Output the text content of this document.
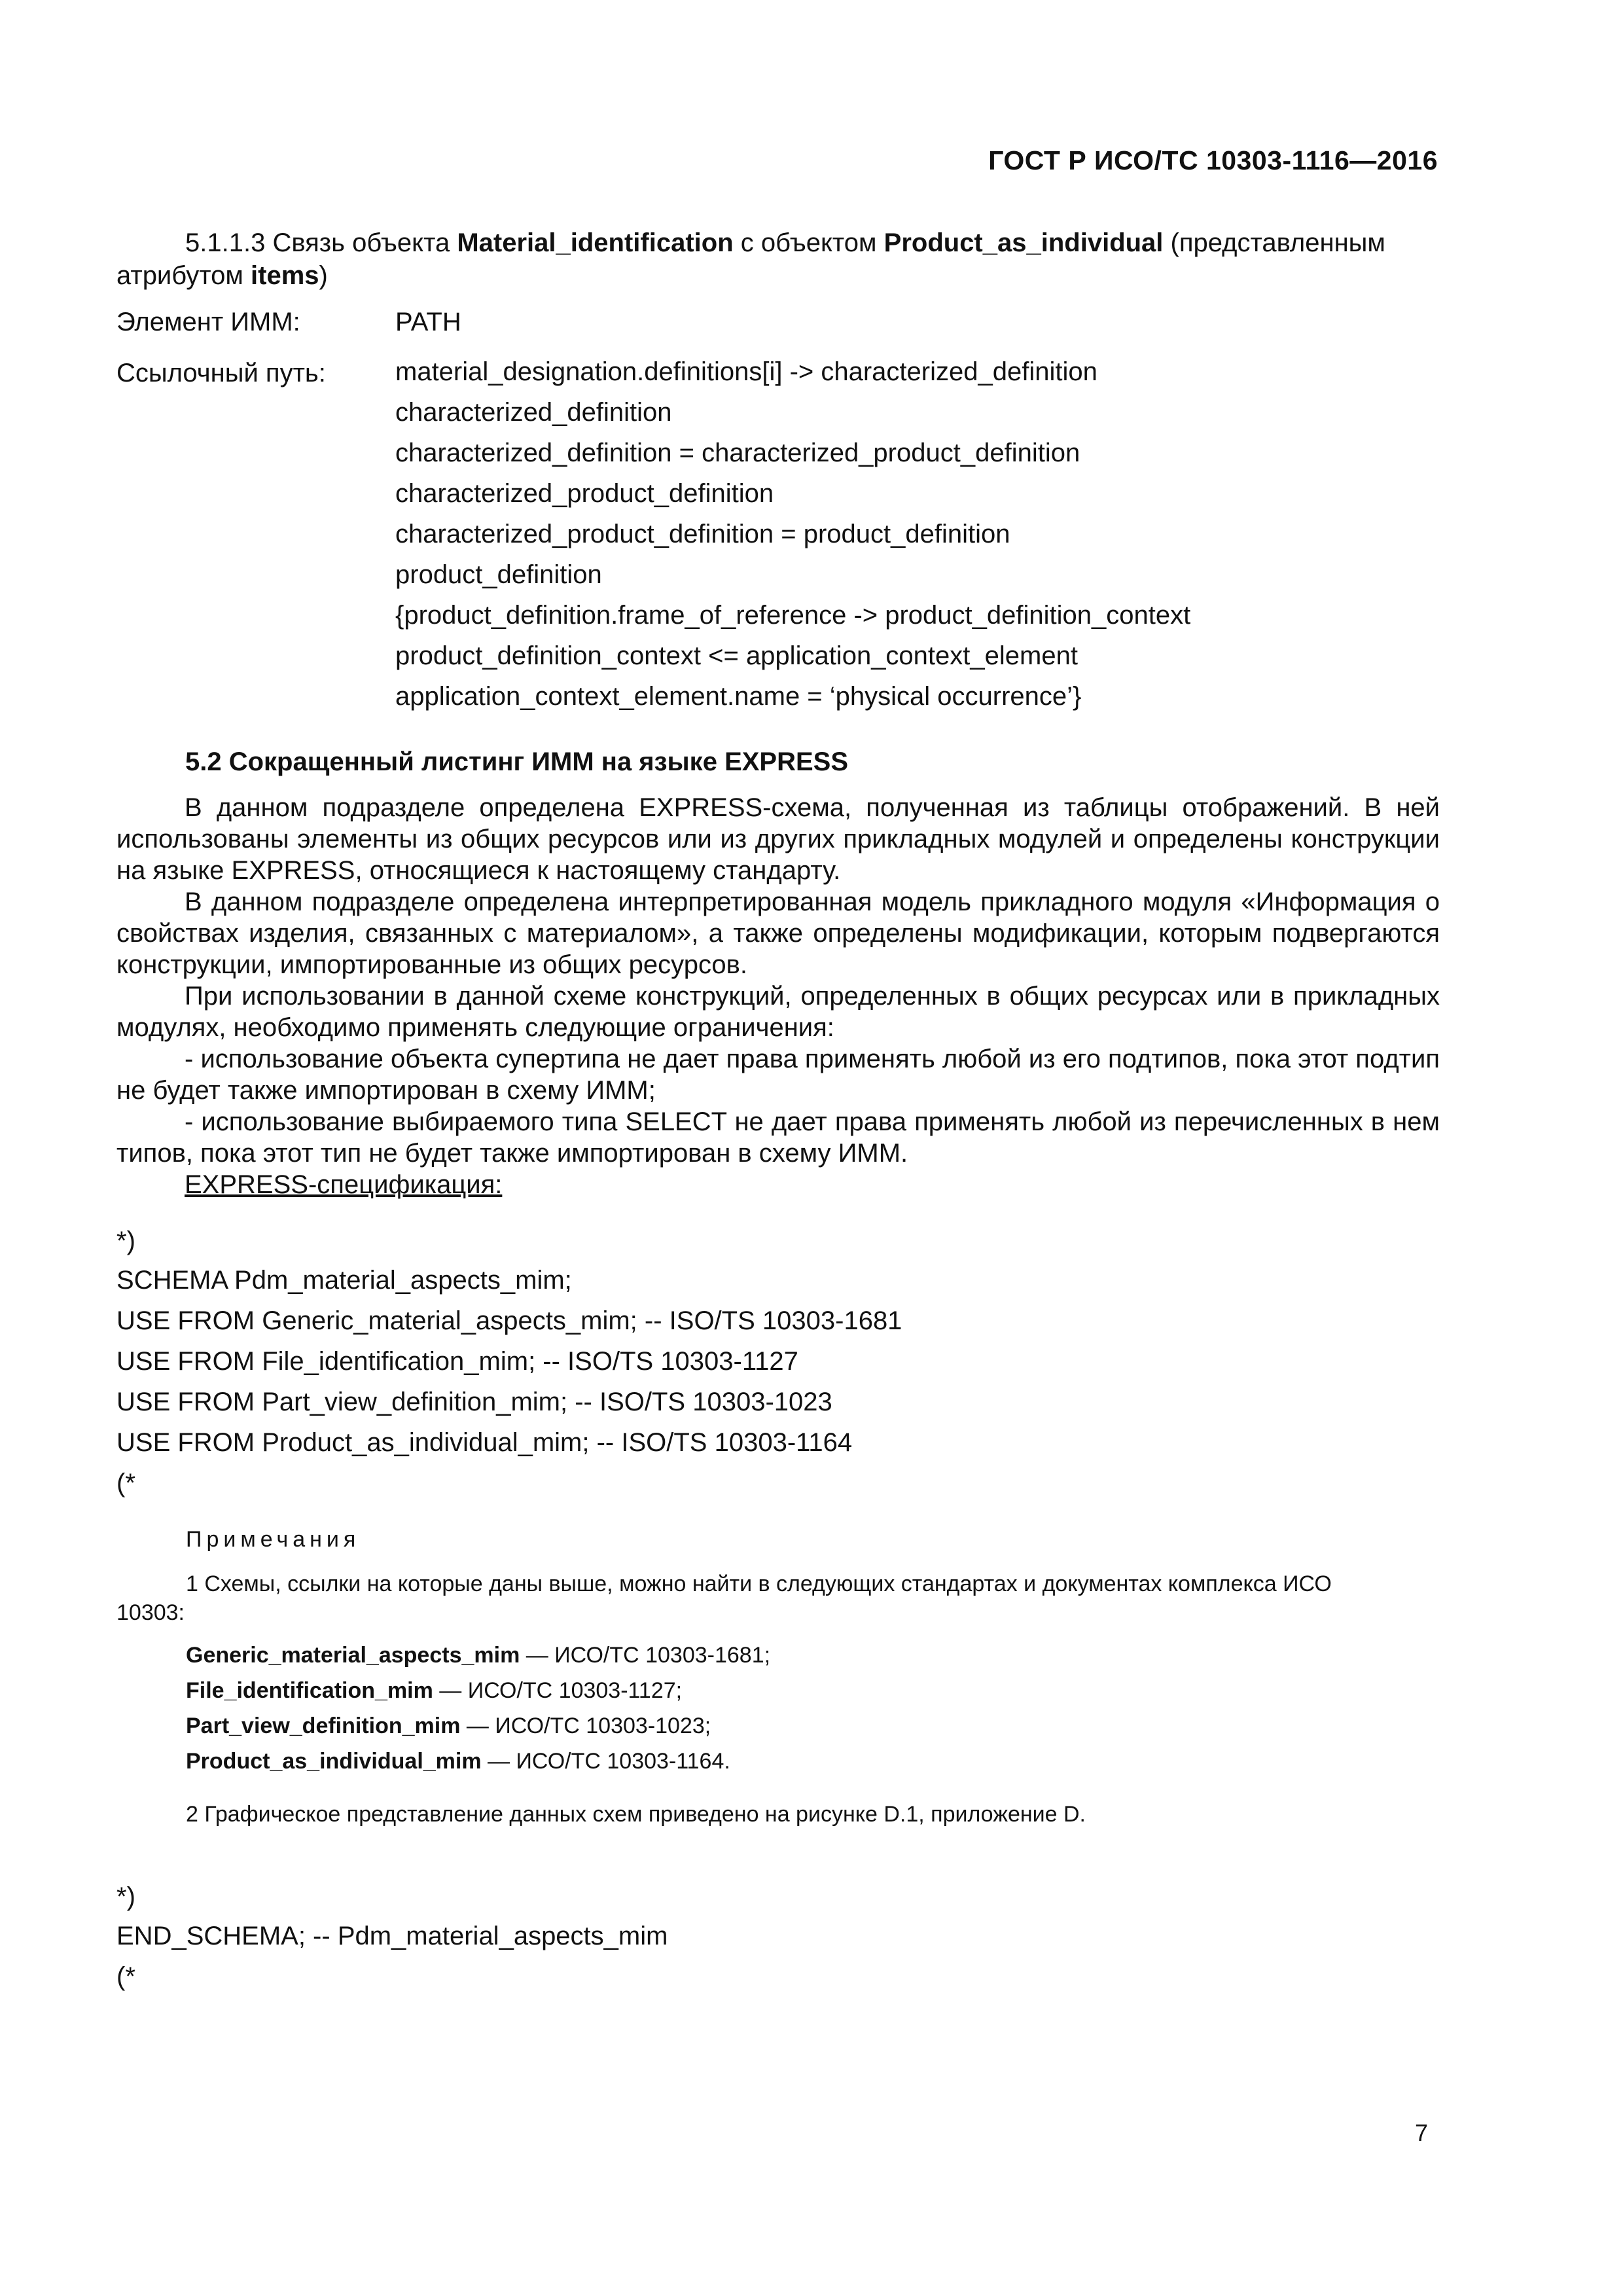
ГОСТ Р ИСО/ТС 10303-1116—2016
5.1.1.3 Связь объекта Material_identification с объектом Product_as_individual (представленным
атрибутом items)
Элемент ИММ:	PATH
Ссылочный путь:	material_designation.definitions[i] -> characterized_definition
characterized_definition
characterized_definition = characterized_product_definition
characterized_product_definition
characterized_product_definition = product_definition
product_definition
{product_definition.frame_of_reference -> product_definition_context
product_definition_context <= application_context_element
application_context_element.name = ‘physical occurrence’}
5.2 Сокращенный листинг ИММ на языке EXPRESS

В данном подразделе определена EXPRESS-схема, полученная из таблицы отображений. В ней использованы элементы из общих ресурсов или из других прикладных модулей и определены конструкции на языке EXPRESS, относящиеся к настоящему стандарту.

В данном подразделе определена интерпретированная модель прикладного модуля «Информация о свойствах изделия, связанных с материалом», а также определены модификации, которым подвергаются конструкции, импортированные из общих ресурсов.

При использовании в данной схеме конструкций, определенных в общих ресурсах или в прикладных модулях, необходимо применять следующие ограничения:

- использование объекта супертипа не дает права применять любой из его подтипов, пока этот подтип не будет также импортирован в схему ИММ;

- использование выбираемого типа SELECT не дает права применять любой из перечисленных в нем типов, пока этот тип не будет также импортирован в схему ИММ.

EXPRESS-спецификация:

*)
SCHEMA Pdm_material_aspects_mim;
USE FROM Generic_material_aspects_mim; -- ISO/TS 10303-1681
USE FROM File_identification_mim; -- ISO/TS 10303-1127
USE FROM Part_view_definition_mim; -- ISO/TS 10303-1023
USE FROM Product_as_individual_mim; -- ISO/TS 10303-1164
(*
Примечания
1 Схемы, ссылки на которые даны выше, можно найти в следующих стандартах и документах комплекса ИСО
10303:
Generic_material_aspects_mim — ИСО/ТС 10303-1681;
File_identification_mim — ИСО/ТС 10303-1127;
Part_view_definition_mim — ИСО/ТС 10303-1023;
Product_as_individual_mim — ИСО/ТС 10303-1164.
2 Графическое представление данных схем приведено на рисунке D.1, приложение D.
*)
END_SCHEMA; -- Pdm_material_aspects_mim
(*
7
